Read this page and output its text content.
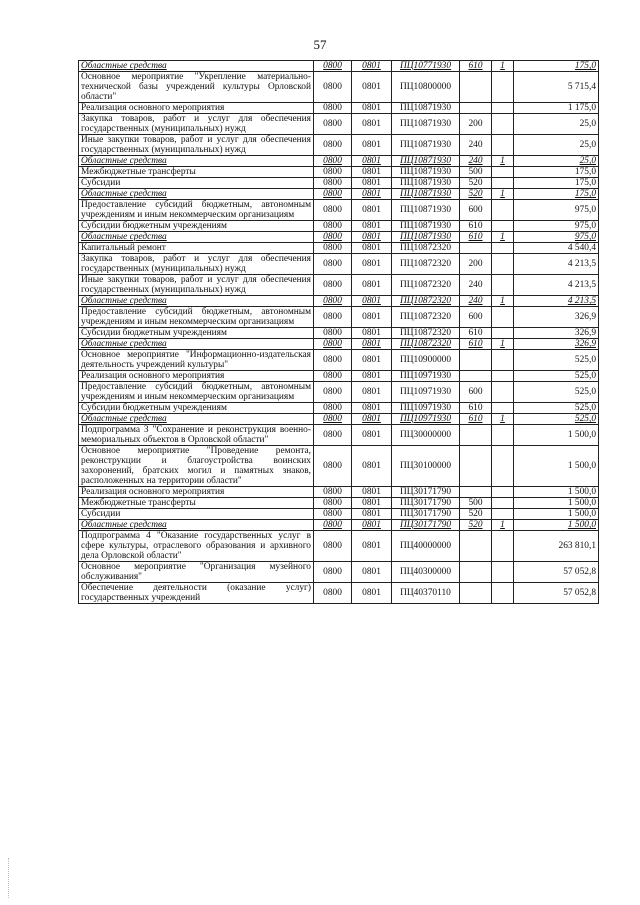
57
Областные средства	0800	0801	ПЦ10771930	610	1	175,0
Основное мероприятие "Укрепление материально-технической базы учреждений культуры Орловской области"	0800	0801	ПЦ10800000			5 715,4
Реализация основного мероприятия	0800	0801	ПЦ10871930			1 175,0
Закупка товаров, работ и услуг для обеспечения государственных (муниципальных) нужд	0800	0801	ПЦ10871930	200		25,0
Иные закупки товаров, работ и услуг для обеспечения государственных (муниципальных) нужд	0800	0801	ПЦ10871930	240		25,0
Областные средства	0800	0801	ПЦ10871930	240	1	25,0
Межбюджетные трансферты	0800	0801	ПЦ10871930	500		175,0
Субсидии	0800	0801	ПЦ10871930	520		175,0
Областные средства	0800	0801	ПЦ10871930	520	1	175,0
Предоставление субсидий бюджетным, автономным учреждениям и иным некоммерческим организациям	0800	0801	ПЦ10871930	600		975,0
Субсидии бюджетным учреждениям	0800	0801	ПЦ10871930	610		975,0
Областные средства	0800	0801	ПЦ10871930	610	1	975,0
Капитальный ремонт	0800	0801	ПЦ10872320			4 540,4
Закупка товаров, работ и услуг для обеспечения государственных (муниципальных) нужд	0800	0801	ПЦ10872320	200		4 213,5
Иные закупки товаров, работ и услуг для обеспечения государственных (муниципальных) нужд	0800	0801	ПЦ10872320	240		4 213,5
Областные средства	0800	0801	ПЦ10872320	240	1	4 213,5
Предоставление субсидий бюджетным, автономным учреждениям и иным некоммерческим организациям	0800	0801	ПЦ10872320	600		326,9
Субсидии бюджетным учреждениям	0800	0801	ПЦ10872320	610		326,9
Областные средства	0800	0801	ПЦ10872320	610	1	326,9
Основное мероприятие "Информационно-издательская деятельность учреждений культуры"	0800	0801	ПЦ10900000			525,0
Реализация основного мероприятия	0800	0801	ПЦ10971930			525,0
Предоставление субсидий бюджетным, автономным учреждениям и иным некоммерческим организациям	0800	0801	ПЦ10971930	600		525,0
Субсидии бюджетным учреждениям	0800	0801	ПЦ10971930	610		525,0
Областные средства	0800	0801	ПЦ10971930	610	1	525,0
Подпрограмма 3 "Сохранение и реконструкция военно-мемориальных объектов в Орловской области"	0800	0801	ПЦ30000000			1 500,0
Основное мероприятие "Проведение ремонта, реконструкции и благоустройства воинских захоронений, братских могил и памятных знаков, расположенных на территории области"	0800	0801	ПЦ30100000			1 500,0
Реализация основного мероприятия	0800	0801	ПЦ30171790			1 500,0
Межбюджетные трансферты	0800	0801	ПЦ30171790	500		1 500,0
Субсидии	0800	0801	ПЦ30171790	520		1 500,0
Областные средства	0800	0801	ПЦ30171790	520	1	1 500,0
Подпрограмма 4 "Оказание государственных услуг в сфере культуры, отраслевого образования и архивного дела Орловской области"	0800	0801	ПЦ40000000			263 810,1
Основное мероприятие "Организация музейного обслуживания"	0800	0801	ПЦ40300000			57 052,8
Обеспечение деятельности (оказание услуг) государственных учреждений	0800	0801	ПЦ40370110			57 052,8
